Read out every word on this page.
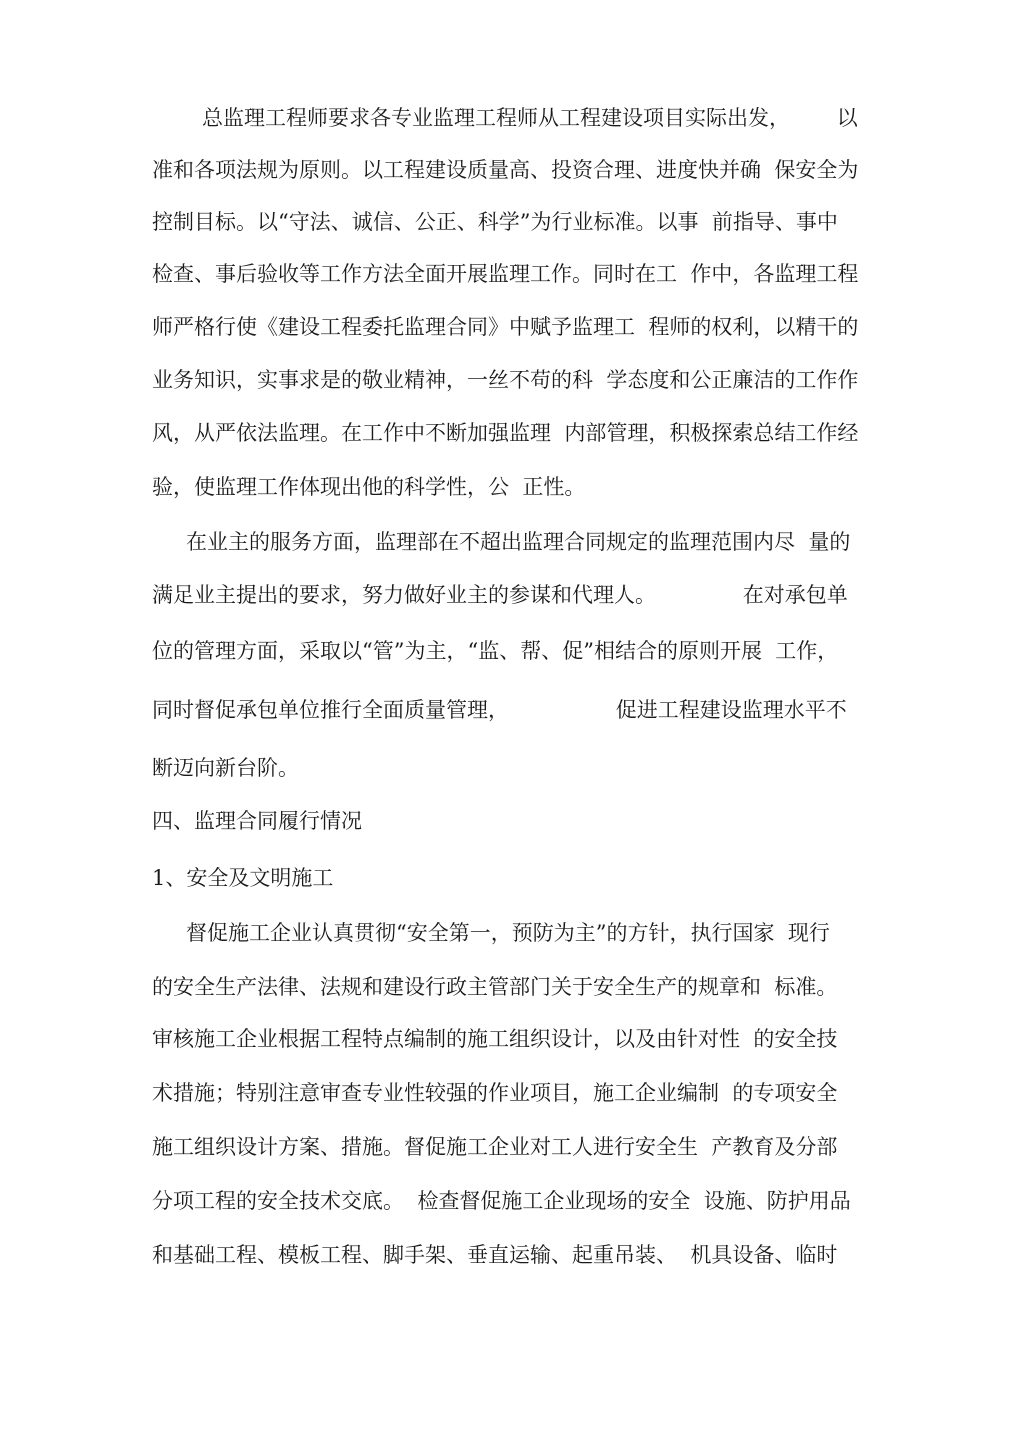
总监理工程师要求各专业监理工程师从工程建设项目实际出发，       以
准和各项法规为原则。以工程建设质量高、投资合理、进度快并确  保安全为
控制目标。以“守法、诚信、公正、科学”为行业标准。以事  前指导、事中
检查、事后验收等工作方法全面开展监理工作。同时在工  作中，各监理工程
师严格行使《建设工程委托监理合同》中赋予监理工  程师的权利，以精干的
业务知识，实事求是的敬业精神，一丝不苟的科  学态度和公正廉洁的工作作
风，从严依法监理。在工作中不断加强监理  内部管理，积极探索总结工作经
验，使监理工作体现出他的科学性，公  正性。
在业主的服务方面，监理部在不超出监理合同规定的监理范围内尽  量的
满足业主提出的要求，努力做好业主的参谋和代理人。             在对承包单
位的管理方面，采取以“管”为主，“监、帮、促”相结合的原则开展  工作，
同时督促承包单位推行全面质量管理，                促进工程建设监理水平不
断迈向新台阶。
四、监理合同履行情况
1、安全及文明施工
督促施工企业认真贯彻“安全第一，预防为主”的方针，执行国家  现行
的安全生产法律、法规和建设行政主管部门关于安全生产的规章和  标准。
审核施工企业根据工程特点编制的施工组织设计，以及由针对性  的安全技
术措施；特别注意审查专业性较强的作业项目，施工企业编制  的专项安全
施工组织设计方案、措施。督促施工企业对工人进行安全生  产教育及分部
分项工程的安全技术交底。  检查督促施工企业现场的安全  设施、防护用品
和基础工程、模板工程、脚手架、垂直运输、起重吊装、  机具设备、临时
